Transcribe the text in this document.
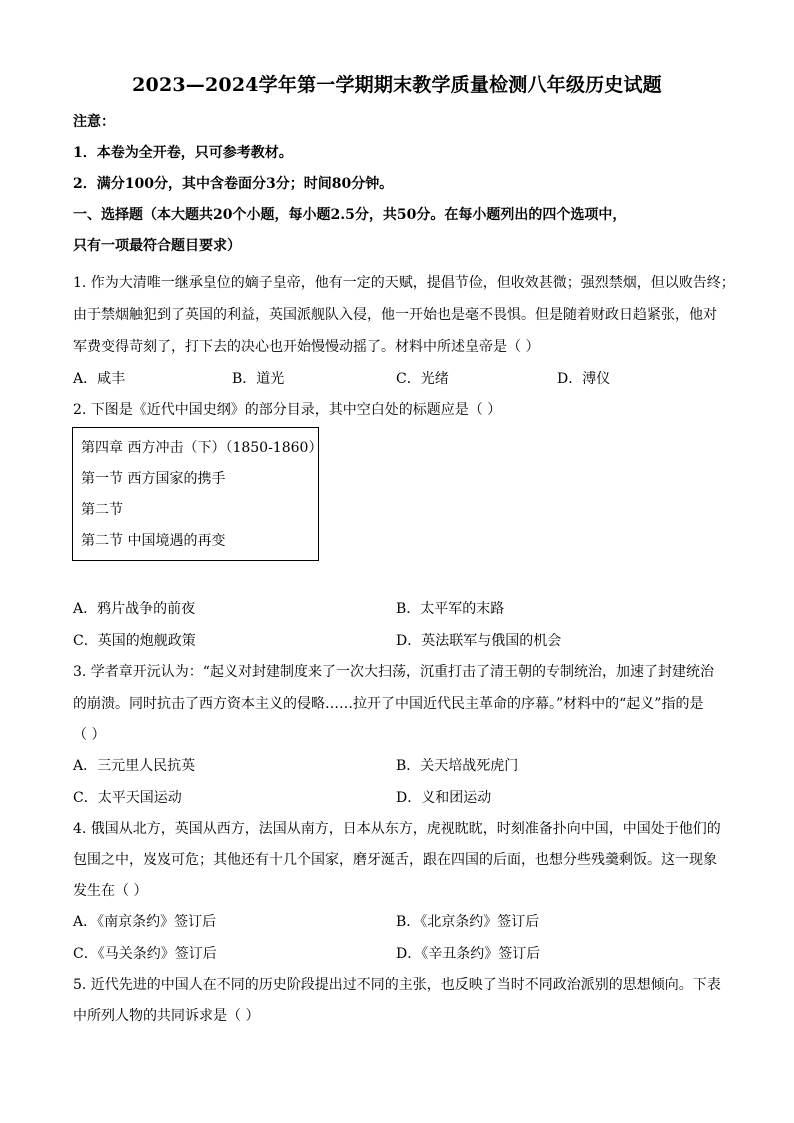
2023—2024学年第一学期期末教学质量检测八年级历史试题
注意：
1．本卷为全开卷，只可参考教材。
2．满分100分，其中含卷面分3分；时间80分钟。
一、选择题（本大题共20个小题，每小题2.5分，共50分。在每小题列出的四个选项中，
只有一项最符合题目要求）
1. 作为大清唯一继承皇位的嫡子皇帝，他有一定的天赋，提倡节俭，但收效甚微；强烈禁烟，但以败告终；
由于禁烟触犯到了英国的利益，英国派舰队入侵，他一开始也是毫不畏惧。但是随着财政日趋紧张，他对
军费变得苛刻了，打下去的决心也开始慢慢动摇了。材料中所述皇帝是（ ）
A．咸丰	B．道光	C．光绪	D．溥仪
2. 下图是《近代中国史纲》的部分目录，其中空白处的标题应是（ ）
第四章 西方冲击（下）（1850-1860）
第一节 西方国家的携手
第二节
第二节 中国境遇的再变
A．鸦片战争的前夜	B．太平军的末路
C．英国的炮舰政策	D．英法联军与俄国的机会
3. 学者章开沅认为：“起义对封建制度来了一次大扫荡，沉重打击了清王朝的专制统治，加速了封建统治
的崩溃。同时抗击了西方资本主义的侵略……拉开了中国近代民主革命的序幕。”材料中的“起义”指的是
（ ）
A．三元里人民抗英	B．关天培战死虎门
C．太平天国运动	D．义和团运动
4. 俄国从北方，英国从西方，法国从南方，日本从东方，虎视眈眈，时刻准备扑向中国，中国处于他们的
包围之中，岌岌可危；其他还有十几个国家，磨牙涎舌，跟在四国的后面，也想分些残羹剩饭。这一现象
发生在（ ）
A．《南京条约》签订后	B．《北京条约》签订后
C．《马关条约》签订后	D．《辛丑条约》签订后
5. 近代先进的中国人在不同的历史阶段提出过不同的主张，也反映了当时不同政治派别的思想倾向。下表
中所列人物的共同诉求是（ ）
